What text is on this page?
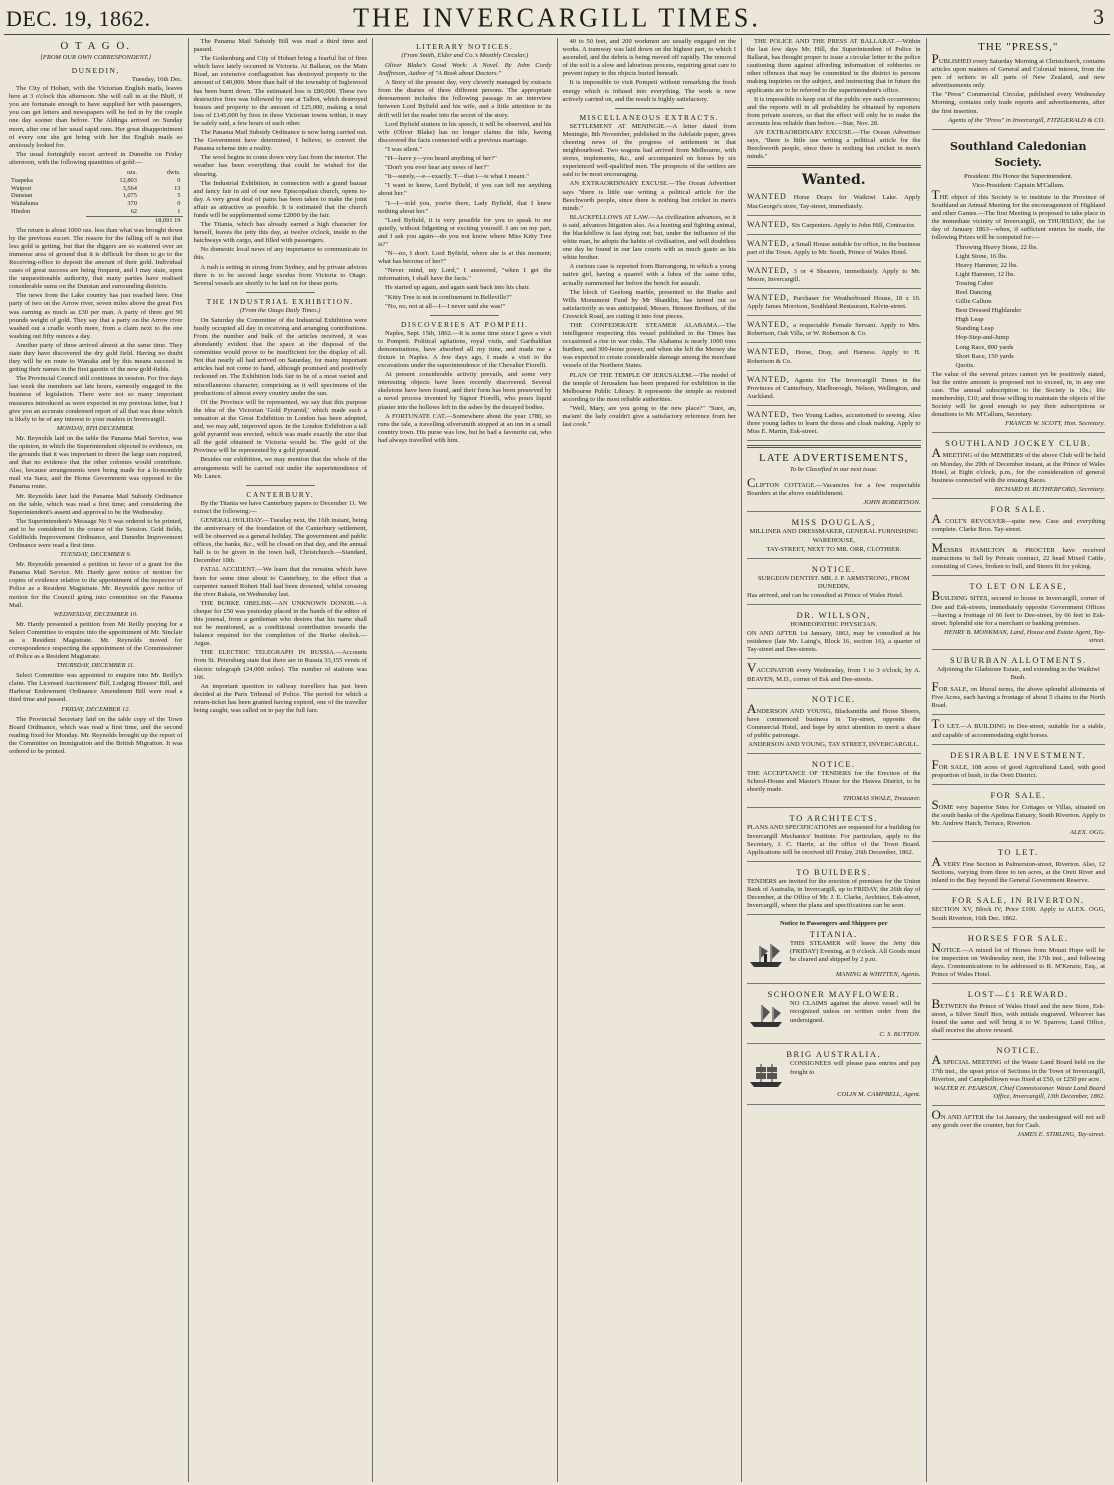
DEC. 19, 1862.	THE INVERCARGILL TIMES.	3
O T A G O.
[FROM OUR OWN CORRESPONDENT.]
DUNEDIN,

Tuesday, 16th Dec.

The City of Hobart, with the Victorian English mails, leaves here at 3 o'clock this afternoon. She will call in at the Bluff, if you are fortunate enough to have supplied her with passengers, you can get letters and newspapers will be fed in by the couple one day sooner than before. The Aldinga arrived on Sunday morn, after one of her usual rapid runs. Her great disappointment of every one she got bring with her the English mails so anxiously looked for.

The usual fortnightly escort arrived in Dunedin on Friday afternoon, with the following quantities of gold:—

	ozs.	dwts.
Tuapeka	12,803	0
Waipori	3,564	13
Dunstan	1,075	5
Waitahuna	370	0
Hindon	62	1
	18,091 19	

The return is about 1000 ozs. less than what was brought down by the previous escort. The reason for the falling off is not that less gold is getting, but that the diggers are so scattered over an immense area of ground that it is difficult for them to go to the Receiving-office to deposit the amount of their gold. Individual cases of great success are being frequent, and I may state, upon the unquestionable authority, that many parties have realised considerable sums on the Dunstan and surrounding districts.

The news from the Lake country has just reached here. One party of two on the Arrow river, seven miles above the great Fox was earning as much as £30 per man. A party of three got 90 pounds weight of gold. They say that a party on the Arrow river washed out a cradle worth more, from a claim next to the one washing out fifty ounces a day.

Another party of three arrived almost at the same time. They state they have discovered the dry gold field. Having no doubt they will be en route to Wanaka and by this means succeed in getting their names in the first gazette of the new gold-fields.

The Provincial Council still continues in session. For five days last week the members sat late hours, earnestly engaged in the business of legislation. There were not so many important measures introduced as were expected in my previous letter, but I give you an accurate condensed report of all that was done which is likely to be of any interest to your readers in Invercargill.

MONDAY, 8TH DECEMBER.

Mr. Reynolds laid on the table the Panama Mail Service, was the opinion, in which the Superintendent objected to evidence, on the grounds that it was important to direct the large sum required, and that no evidence that the other colonies would contribute. Also, because arrangements were being made for a bi-monthly mail via Suez, and the Home Government was opposed to the Panama route.

Mr. Reynolds later laid the Panama Mail Subsidy Ordinance on the table, which was read a first time; and considering the Superintendent's assent and approval to be the Wednesday.

The Superintendent's Message No 9 was ordered to be printed, and to be considered in the course of the Session. Gold fields, Goldfields Improvement Ordinance, and Dunedin Improvement Ordinance were read a first time.

TUESDAY, DECEMBER 9.

Mr. Reynolds presented a petition in favor of a grant for the Panama Mail Service. Mr. Hardy gave notice of motion for copies of evidence relative to the appointment of the inspector of Police as a Resident Magistrate. Mr. Reynolds gave notice of motion for the Council going into committee on the Panama Mail.

WEDNESDAY, DECEMBER 10.

Mr. Hardy presented a petition from Mr Reilly praying for a Select Committee to enquire into the appointment of Mr. Sinclair as a Resident Magistrate. Mr. Reynolds moved for correspondence respecting the appointment of the Commissioner of Police as a Resident Magistrate.

THURSDAY, DECEMBER 11.

Select Committee was appointed to enquire into Mr. Reilly's claim. The Licensed Auctioneers' Bill, Lodging Houses' Bill, and Harbour Endowment Ordinance Amendment Bill were read a third time and passed.

FRIDAY, DECEMBER 12.

The Provincial Secretary laid on the table copy of the Town Board Ordinance, which was read a first time, and the second reading fixed for Monday. Mr. Reynolds brought up the report of the Committee on Immigration and the British Migration. It was ordered to be printed.

The Panama Mail Subsidy Bill was read a third time and passed.

The Gothenburg and City of Hobart bring a fearful list of fires which have lately occurred in Victoria. At Ballarat, on the Main Road, an extensive conflagration has destroyed property to the amount of £40,000. More than half of the township of Inglewood has been burnt down. The estimated loss is £80,000. These two destructive fires was followed by one at Talbot, which destroyed houses and property to the amount of £25,000, making a total loss of £145,000 by fires in three Victorian towns within, it may be safely said, a few hours of each other.

The Panama Mail Subsidy Ordinance is now being carried out. The Government have determined, I believe, to convert the Panama scheme into a reality.

The wool begins to come down very fast from the interior. The weather has been everything that could be wished for the shearing.

The Industrial Exhibition, in connection with a grand bazaar and fancy fair in aid of our new Episcopalian church, opens to-day. A very great deal of pains has been taken to make the joint affair as attractive as possible. It is estimated that the church funds will be supplemented some £2000 by the fair.

The Titania, which has already earned a high character for herself, leaves the jetty this day, at twelve o'clock, inside to the hatchways with cargo, and filled with passengers.

No domestic local news of any importance to communicate to this.

A rush is setting in strong from Sydney, and by private advices there is to be second large exodus from Victoria to Otago. Several vessels are shortly to be laid on for these ports.

THE INDUSTRIAL EXHIBITION.
(From the Otago Daily Times.)

On Saturday the Committee of the Industrial Exhibition were busily occupied all day in receiving and arranging contributions. From the number and bulk of the articles received, it was abundantly evident that the space at the disposal of the committee would prove to be insufficient for the display of all. Not that nearly all had arrived on Saturday, for many important articles had not come to hand, although promised and positively reckoned on. The Exhibition bids fair to be of a most varied and miscellaneous character, comprising as it will specimens of the productions of almost every country under the sun.

Of the Province will be represented, we say that this purpose the idea of the Victorian 'Gold Pyramid,' which made such a sensation at the Great Exhibition in London has been adopted, and, we may add, improved upon. In the London Exhibition a tall gold pyramid was erected, which was made exactly the size that all the gold obtained in Victoria would be. The gold of the Province will be represented by a gold pyramid.

Besides our exhibition, we may mention that the whole of the arrangements will be carried out under the superintendence of Mr. Lance.

CANTERBURY.

By the Titania we have Canterbury papers to December 11. We extract the following:—

GENERAL HOLIDAY.—Tuesday next, the 16th instant, being the anniversary of the foundation of the Canterbury settlement, will be observed as a general holiday. The government and public offices, the banks, &c., will be closed on that day, and the annual ball is to be given in the town hall, Christchurch.—Standard, December 10th.

FATAL ACCIDENT.—We learn that the remains which have been for some time about to Canterbury, to the effect that a carpenter named Robert Hall had been drowned, whilst crossing the river Rakaia, on Wednesday last.

THE BURKE OBELISK—AN UNKNOWN DONOR.—A cheque for £50 was yesterday placed in the hands of the editor of this journal, from a gentleman who desires that his name shall not be mentioned, as a conditional contribution towards the balance required for the completion of the Burke obelisk.—Argus.

THE ELECTRIC TELEGRAPH IN RUSSIA.—Accounts from St. Petersburg state that there are in Russia 33,155 versts of electric telegraph (24,000 miles). The number of stations was 166.

An important question to railway travellers has just been decided at the Paris Tribunal of Police. The period for which a return-ticket has been granted having expired, one of the traveller being caught, was called on to pay the full fare.

LITERARY NOTICES.
(From Smith, Elder and Co.'s Monthly Circular.)

Oliver Blake's Good Work: A Novel. By John Cordy Jeaffreson, Author of "A Book about Doctors."

A Story of the present day, very cleverly managed by extracts from the diaries of three different persons. The appropriate denouement includes the following passage in an interview between Lord Byfield and his wife, and a little attention to its drift will let the reader into the secret of the story.

Lord Byfield stutters in his speech, it will be observed, and his wife (Oliver Blake) has no longer claims the title, having discovered the facts connected with a previous marriage.

"I was silent."

"H—have y—you heard anything of her?"

"Don't you ever hear any news of her?"

"It—surely,—e—exactly. T—that i—is what I meant."

"I want to know, Lord Byfield, if you can tell me anything about her."

"I—I—told you, you're there, Lady Byfield, that I knew nothing about her."

"Lord Byfield, it is very possible for you to speak to me quietly, without fidgetting or exciting yourself. I am on my part, and I ask you again—do you not know where Miss Kitty Tree is?"

"N—no, I don't. Lord Byfield, where she is at this moment; what has become of her?"

"Never mind, my Lord," I answered, "when I get the information, I shall have the facts."

He started up again, and again sank back into his chair.

"Kitty Tree is not in confinement in Belleville?"

"No, no, not at all—I—I never said she was!"

DISCOVERIES AT POMPEII.

Naples, Sept. 15th, 1862.—It is some time since I gave a visit to Pompeii. Political agitations, royal visits, and Garibaldian demonstrations, have absorbed all my time, and made me a fixture in Naples. A few days ago, I made a visit to the excavations under the superintendence of the Chevalier Fiorelli.

At present considerable activity prevails, and some very interesting objects have been recently discovered. Several skeletons have been found, and their form has been preserved by a novel process invented by Signor Fiorelli, who pours liquid plaster into the hollows left in the ashes by the decayed bodies.

A FORTUNATE CAT.—Somewhere about the year 1780, so runs the tale, a travelling silversmith stopped at an inn in a small country town. His purse was low, but he had a favourite cat, who had always travelled with him.

40 to 50 feet, and 200 workmen are usually engaged on the works. A tramway was laid down on the highest part, to which I ascended, and the debris is being moved off rapidly. The removal of the soil is a slow and laborious process, requiring great care to prevent injury to the objects buried beneath.

It is impossible to visit Pompeii without remarking the fresh energy which is infused into everything. The work is now actively carried on, and the result is highly satisfactory.

MISCELLANEOUS EXTRACTS.

SETTLEMENT AT MENINGIE.—A letter dated from Meningie, 8th November, published in the Adelaide paper, gives cheering news of the progress of settlement in that neighbourhood. Two wagons had arrived from Melbourne, with stores, implements, &c., and accompanied on horses by six experienced well-qualified men. The prospects of the settlers are said to be most encouraging.

AN EXTRAORDINARY EXCUSE.—The Ocean Advertiser says "there is little use writing a political article for the Beechworth people, since there is nothing but cricket in men's minds."

BLACKFELLOWS AT LAW.—As civilization advances, so it is said, advances litigation also. As a hunting and fighting animal, the blackfellow is fast dying out; but, under the influence of the white man, he adopts the habits of civilisation, and will doubtless one day be found in our law courts with as much gusto as his white brother.

A curious case is reported from Burrangong, in which a young native girl, having a quarrel with a lubra of the same tribe, actually summoned her before the bench for assault.

The block of Geelong marble, presented to the Burke and Wills Monument Fund by Mr Shanklin, has turned out so satisfactorily as was anticipated. Messrs. Henson Brothers, of the Creswick Road, are cutting it into four pieces.

THE CONFEDERATE STEAMER ALABAMA.—The intelligence respecting this vessel published in the Times has occasioned a rise in war risks. The Alabama is nearly 1000 tons burthen, and 300-horse power, and when she left the Mersey she was expected to create considerable damage among the merchant vessels of the Northern States.

PLAN OF THE TEMPLE OF JERUSALEM.—The model of the temple of Jerusalem has been prepared for exhibition in the Melbourne Public Library. It represents the temple as restored according to the most reliable authorities.

"Well, Mary, are you going to the new place?" "Sure, an, ma'am! the lady couldn't give a satisfactory reference from her last cook."

THE POLICE AND THE PRESS AT BALLARAT.—Within the last few days Mr. Hill, the Superintendent of Police in Ballarat, has thought proper to issue a circular letter to the police cautioning them against affording information of robberies or other offences that may be committed in the district to persons making inquiries on the subject, and instructing that in future the applicants are to be referred to the superintendent's office.

It is impossible to keep out of the public eye such occurrences; and the reports will in all probability be obtained by reporters from private sources, so that the effect will only be to make the accounts less reliable than before.—Star, Nov. 28.

AN EXTRAORDINARY EXCUSE.—The Ocean Advertiser says, "there is little use writing a political article for the Beechworth people, since there is nothing but cricket in men's minds."

Wanted.

WANTED Horse Drays for Waikiwi Lake. Apply MacGeorge's store, Tay-street, immediately.

WANTED, Six Carpenters. Apply to John Hill, Contractor.

WANTED, a Small House suitable for office, in the business part of the Town. Apply to Mr. South, Prince of Wales Hotel.

WANTED, 3 or 4 Shearers, immediately. Apply to Mr. Moore, Invercargill.

WANTED, Purchaser for Weatherboard House, 18 x 10. Apply James Morrison, Southland Restaurant, Kelvin-street.

WANTED, a respectable Female Servant. Apply to Mrs. Robertson, Oak Villa, or W. Robertson & Co.

WANTED, Horse, Dray, and Harness. Apply to H. Robertson & Co.

WANTED, Agents for The Invercargill Times in the Provinces of Canterbury, Marlborough, Nelson, Wellington, and Auckland.

WANTED, Two Young Ladies, accustomed to sewing. Also three young ladies to learn the dress and cloak making. Apply to Miss E. Martin, Esk-street.

LATE ADVERTISEMENTS,
To be Classified in our next issue.

CLIFTON COTTAGE.—Vacancies for a few respectable Boarders at the above establishment.

JOHN ROBERTSON.

MISS DOUGLAS,

MILLINER AND DRESSMAKER, GENERAL FURNISHING WAREHOUSE,

TAY-STREET, NEXT TO MR. ORR, CLOTHIER.

NOTICE.

SURGEON DENTIST. MR. J. P. ARMSTRONG, FROM DUNEDIN,

Has arrived, and can be consulted at Prince of Wales Hotel.

DR. WILLSON,

HOMŒOPATHIC PHYSICIAN.

ON AND AFTER 1st January, 1863, may be consulted at his residence (late Mr. Laing's, Block 16, section 16), a quarter of Tay-street and Dee-streets.

VACCINATOR every Wednesday, from 1 to 3 o'clock, by A. BEAVEN, M.D., corner of Esk and Dee-streets.

NOTICE.

ANDERSON AND YOUNG, Blacksmiths and Horse Shoers, have commenced business in Tay-street, opposite the Commercial Hotel, and hope by strict attention to merit a share of public patronage.

ANDERSON AND YOUNG, TAY STREET, INVERCARGILL.

NOTICE.

THE ACCEPTANCE OF TENDERS for the Erection of the School-House and Master's House for the Hawea District, to be shortly made.

THOMAS SWALE, Treasurer.

TO ARCHITECTS.

PLANS AND SPECIFICATIONS are requested for a building for Invercargill Mechanics' Institute. For particulars, apply to the Secretary, J. C. Harrie, at the office of the Town Board. Applications will be received till Friday, 26th December, 1862.

TO BUILDERS.

TENDERS are invited for the erection of premises for the Union Bank of Australia, in Invercargill, up to FRIDAY, the 26th day of December, at the Office of Mr. J. E. Clarke, Architect, Esk-street, Invercargill, where the plans and specifications can be seen.

Notice to Passengers and Shippers per

TITANIA.

THIS STEAMER will leave the Jetty this (FRIDAY) Evening, at 9 o'clock. All Goods must be cleared and shipped by 2 p.m.

MANING & WHITTEN, Agents.

SCHOONER MAYFLOWER.

NO CLAIMS against the above vessel will be recognized unless on written order from the undersigned.

C. S. BUTTON.

BRIG AUSTRALIA.

CONSIGNEES will please pass entries and pay freight to

COLIN M. CAMPBELL, Agent.

THE "PRESS,"

PUBLISHED every Saturday Morning at Christchurch, contains articles upon matters of General and Colonial interest, from the pen of writers in all parts of New Zealand, and new advertisements only.

The "Press" Commercial Circular, published every Wednesday Morning, contains only trade reports and advertisements, after the first insertion.

Agents of the "Press" in Invercargill, FITZGERALD & CO.

Southland Caledonian Society.

President: His Honor the Superintendent.

Vice-President: Captain M'Callum.

THE object of this Society is to institute in the Province of Southland an Annual Meeting for the encouragement of Highland and other Games.—The first Meeting is proposed to take place in the immediate vicinity of Invercargill, on THURSDAY, the 1st day of January 1863—when, if sufficient entries be made, the following Prizes will be competed for:—

Throwing Heavy Stone, 22 lbs.

Light Stone, 16 lbs.

Heavy Hammer, 22 lbs.

Light Hammer, 12 lbs.

Tossing Caber

Reel Dancing

Gillie Callum

Best Dressed Highlander

High Leap

Standing Leap

Hop-Step-and-Jump

Long Race, 800 yards

Short Race, 150 yards

Quoits.

The value of the several prizes cannot yet be positively stated, but the entire amount is proposed not to exceed, in, in any one case. The annual subscription to the Society is 10s.; life membership, £10; and those willing to maintain the objects of the Society will be good enough to pay their subscriptions or donations to Mr. M'Callum, Secretary.

FRANCIS W. SCOTT, Hon. Secretary.

SOUTHLAND JOCKEY CLUB.

A MEETING of the MEMBERS of the above Club will be held on Monday, the 29th of December instant, at the Prince of Wales Hotel, at Eight o'clock, p.m., for the consideration of general business connected with the ensuing Races.

RICHARD H. RUTHERFORD, Secretary.

FOR SALE.

A COLT'S REVOLVER—quite new. Case and everything complete. Clarke Bros. Tay-street.

MESSRS HAMILTON & PROCTER have received instructions to Sell by Private contract, 22 head Mixed Cattle, consisting of Cows, broken to bull, and Steers fit for yoking.

TO LET ON LEASE,

BUILDING SITES, secured to house in Invercargill, corner of Dee and Esk-streets, immediately opposite Government Offices—having a frontage of 66 feet to Dee-street, by 66 feet to Esk-street. Splendid site for a merchant or banking premises.

HENRY B. MONKMAN, Land, House and Estate Agent, Tay-street.

SUBURBAN ALLOTMENTS.

Adjoining the Gladstone Estate, and extending to the Waikiwi Bush.

FOR SALE, on liberal terms, the above splendid allotments of Five Acres, each having a frontage of about 5 chains to the North Road.

TO LET.—A BUILDING in Dee-street, suitable for a stable, and capable of accommodating eight horses.

DESIRABLE INVESTMENT.

FOR SALE, 108 acres of good Agricultural Land, with good proportion of bush, in the Oreti District.

FOR SALE.

SOME very Superior Sites for Cottages or Villas, situated on the south banks of the Apolima Estuary, South Riverton. Apply to Mr. Andrew Hatch, Terrace, Riverton.

ALEX. OGG.

TO LET.

A VERY Fine Section in Palmerston-street, Riverton. Also, 12 Sections, varying from three to ten acres, at the Oreti River and inland to the Bay beyond the General Government Reserve.

FOR SALE, IN RIVERTON.

SECTION XV, Block IV, Price £100. Apply to ALEX. OGG, South Riverton, 16th Dec. 1862.

HORSES FOR SALE.

NOTICE.—A mixed lot of Horses from Mount Hope will be for inspection on Wednesday next, the 17th inst., and following days. Communications to be addressed to R. M'Kenzie, Esq., at Prince of Wales Hotel.

LOST—£1 REWARD.

BETWEEN the Prince of Wales Hotel and the new Store, Esk-street, a Silver Snuff Box, with initials engraved. Whoever has found the same and will bring it to W. Sparrow, Land Office, shall receive the above reward.

NOTICE.

A SPECIAL MEETING of the Waste Land Board held on the 17th inst., the upset price of Sections in the Town of Invercargill, Riverton, and Campbelltown was fixed at £50, or £250 per acre.

WALTER H. PEARSON, Chief Commissioner. Waste Land Board Office, Invercargill, 13th December, 1862.

ON AND AFTER the 1st January, the undersigned will not sell any goods over the counter, but for Cash.

JAMES E. STIRLING, Tay-street.
